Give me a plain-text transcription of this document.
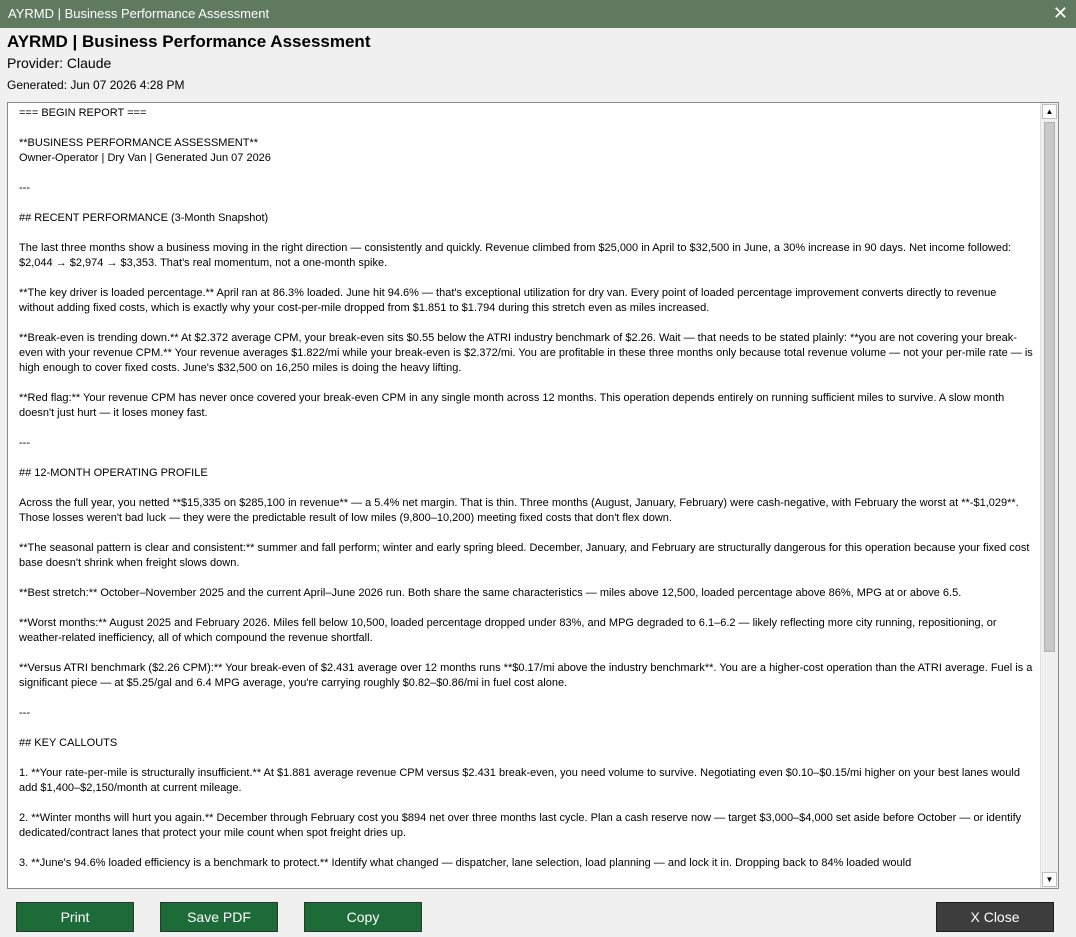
AYRMD | Business Performance Assessment	✕
AYRMD | Business Performance Assessment
Provider: Claude
Generated: Jun 07 2026 4:28 PM
=== BEGIN REPORT ===

**BUSINESS PERFORMANCE ASSESSMENT**
Owner-Operator | Dry Van | Generated Jun 07 2026

---

## RECENT PERFORMANCE (3-Month Snapshot)

The last three months show a business moving in the right direction — consistently and quickly. Revenue climbed from $25,000 in April to $32,500 in June, a 30% increase in 90 days. Net income followed: $2,044 → $2,974 → $3,353. That's real momentum, not a one-month spike.

**The key driver is loaded percentage.** April ran at 86.3% loaded. June hit 94.6% — that's exceptional utilization for dry van. Every point of loaded percentage improvement converts directly to revenue without adding fixed costs, which is exactly why your cost-per-mile dropped from $1.851 to $1.794 during this stretch even as miles increased.

**Break-even is trending down.** At $2.372 average CPM, your break-even sits $0.55 below the ATRI industry benchmark of $2.26. Wait — that needs to be stated plainly: **you are not covering your break-even with your revenue CPM.** Your revenue averages $1.822/mi while your break-even is $2.372/mi. You are profitable in these three months only because total revenue volume — not your per-mile rate — is high enough to cover fixed costs. June's $32,500 on 16,250 miles is doing the heavy lifting.

**Red flag:** Your revenue CPM has never once covered your break-even CPM in any single month across 12 months. This operation depends entirely on running sufficient miles to survive. A slow month doesn't just hurt — it loses money fast.

---

## 12-MONTH OPERATING PROFILE

Across the full year, you netted **$15,335 on $285,100 in revenue** — a 5.4% net margin. That is thin. Three months (August, January, February) were cash-negative, with February the worst at **-$1,029**. Those losses weren't bad luck — they were the predictable result of low miles (9,800–10,200) meeting fixed costs that don't flex down.

**The seasonal pattern is clear and consistent:** summer and fall perform; winter and early spring bleed. December, January, and February are structurally dangerous for this operation because your fixed cost base doesn't shrink when freight slows down.

**Best stretch:** October–November 2025 and the current April–June 2026 run. Both share the same characteristics — miles above 12,500, loaded percentage above 86%, MPG at or above 6.5.

**Worst months:** August 2025 and February 2026. Miles fell below 10,500, loaded percentage dropped under 83%, and MPG degraded to 6.1–6.2 — likely reflecting more city running, repositioning, or weather-related inefficiency, all of which compound the revenue shortfall.

**Versus ATRI benchmark ($2.26 CPM):** Your break-even of $2.431 average over 12 months runs **$0.17/mi above the industry benchmark**. You are a higher-cost operation than the ATRI average. Fuel is a significant piece — at $5.25/gal and 6.4 MPG average, you're carrying roughly $0.82–$0.86/mi in fuel cost alone.

---

## KEY CALLOUTS

1. **Your rate-per-mile is structurally insufficient.** At $1.881 average revenue CPM versus $2.431 break-even, you need volume to survive. Negotiating even $0.10–$0.15/mi higher on your best lanes would add $1,400–$2,150/month at current mileage.

2. **Winter months will hurt you again.** December through February cost you $894 net over three months last cycle. Plan a cash reserve now — target $3,000–$4,000 set aside before October — or identify dedicated/contract lanes that protect your mile count when spot freight dries up.

3. **June's 94.6% loaded efficiency is a benchmark to protect.** Identify what changed — dispatcher, lane selection, load planning — and lock it in. Dropping back to 84% loaded would
▲
▼
Print	Save PDF	Copy	X Close
